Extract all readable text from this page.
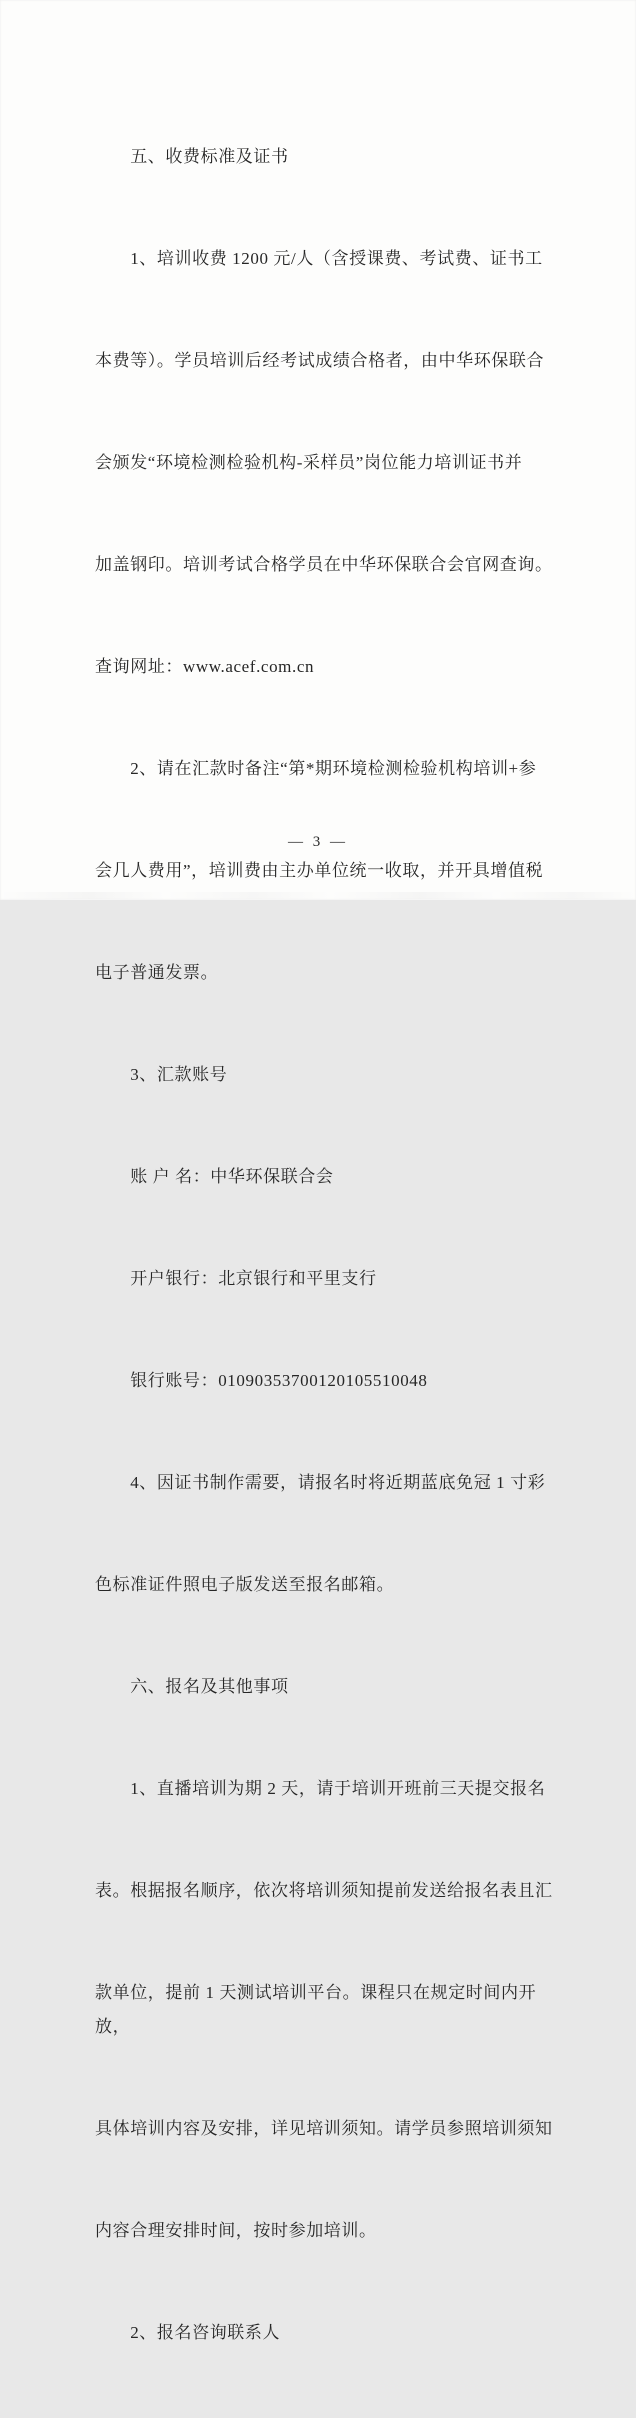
　　五、收费标准及证书

　　1、培训收费 1200 元/人（含授课费、考试费、证书工

本费等）。学员培训后经考试成绩合格者，由中华环保联合

会颁发“环境检测检验机构-采样员”岗位能力培训证书并

加盖钢印。培训考试合格学员在中华环保联合会官网查询。

查询网址：www.acef.com.cn

　　2、请在汇款时备注“第*期环境检测检验机构培训+参

会几人费用”，培训费由主办单位统一收取，并开具增值税

电子普通发票。

　　3、汇款账号

　　账 户 名：中华环保联合会

　　开户银行：北京银行和平里支行

　　银行账号：01090353700120105510048

　　4、因证书制作需要，请报名时将近期蓝底免冠 1 寸彩

色标准证件照电子版发送至报名邮箱。

　　六、报名及其他事项

　　1、直播培训为期 2 天，请于培训开班前三天提交报名

表。根据报名顺序，依次将培训须知提前发送给报名表且汇

款单位，提前 1 天测试培训平台。课程只在规定时间内开放，

具体培训内容及安排，详见培训须知。请学员参照培训须知

内容合理安排时间，按时参加培训。

　　2、报名咨询联系人

— 3 —
